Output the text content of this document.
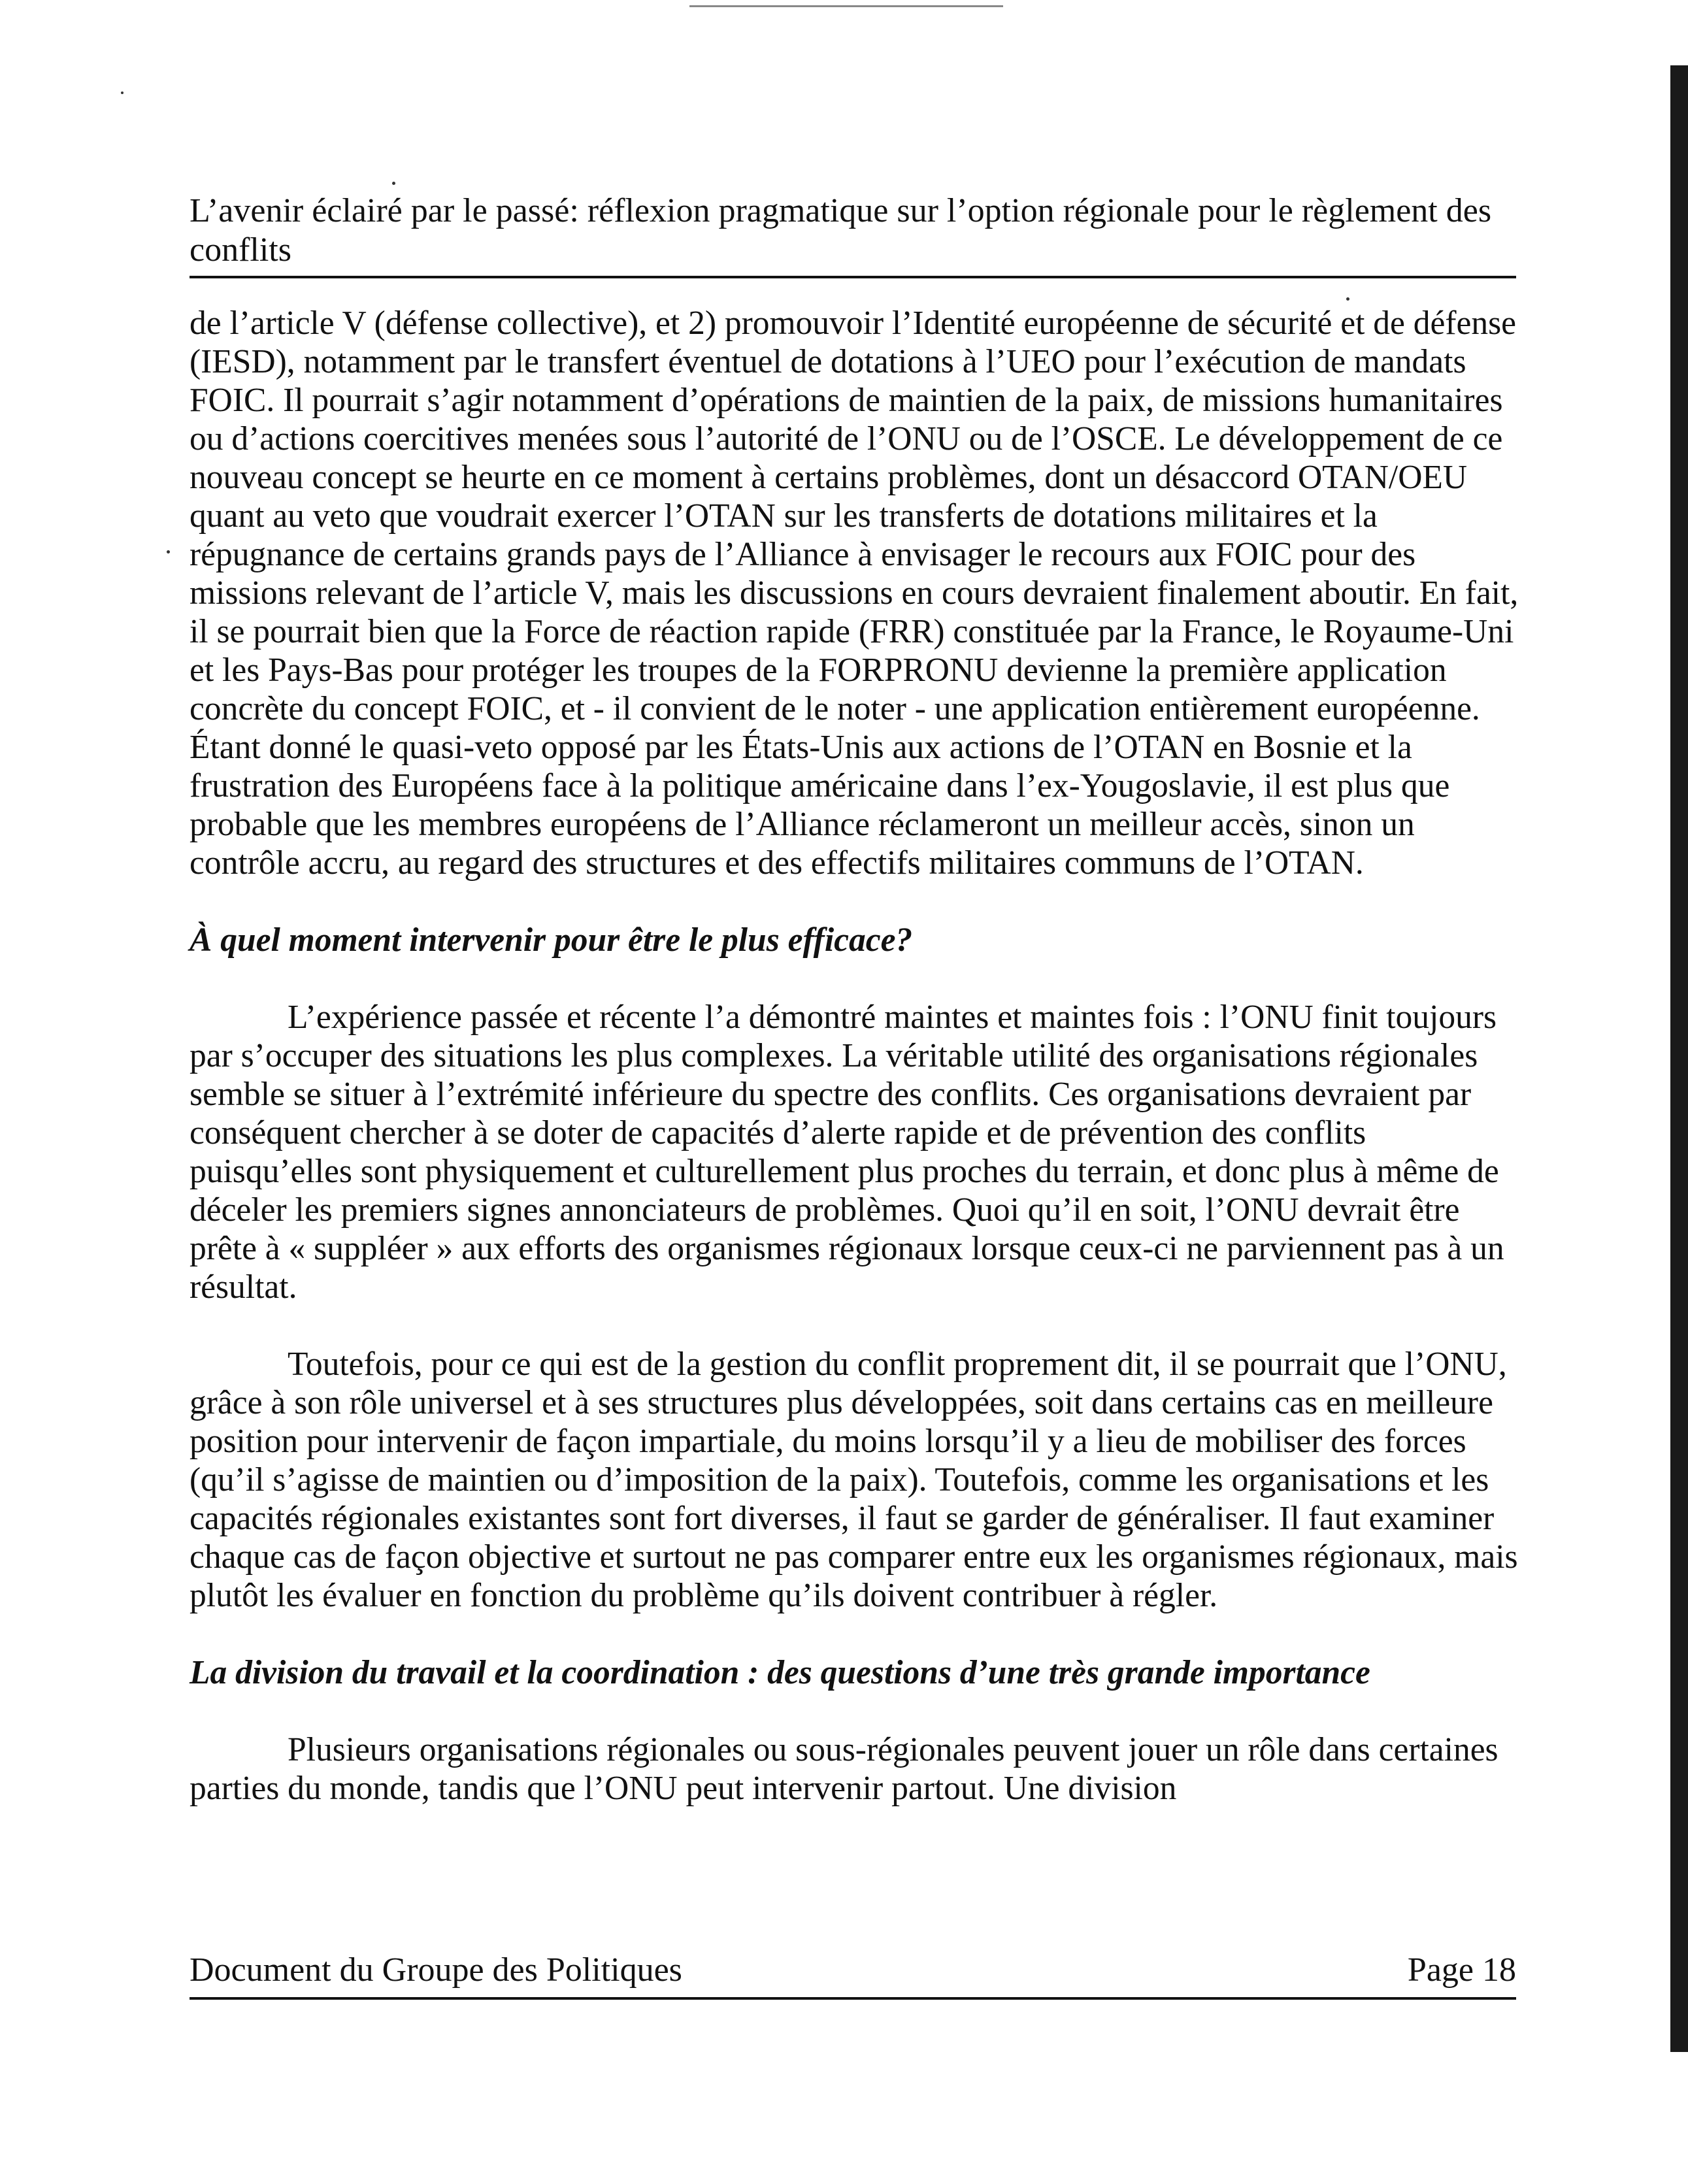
L’avenir éclairé par le passé: réflexion pragmatique sur l’option régionale pour le règlement des conflits

de l’article V (défense collective), et 2) promouvoir l’Identité européenne de sécurité et de défense (IESD), notamment par le transfert éventuel de dotations à l’UEO pour l’exécution de mandats FOIC. Il pourrait s’agir notamment d’opérations de maintien de la paix, de missions humanitaires ou d’actions coercitives menées sous l’autorité de l’ONU ou de l’OSCE. Le développement de ce nouveau concept se heurte en ce moment à certains problèmes, dont un désaccord OTAN/OEU quant au veto que voudrait exercer l’OTAN sur les transferts de dotations militaires et la répugnance de certains grands pays de l’Alliance à envisager le recours aux FOIC pour des missions relevant de l’article V, mais les discussions en cours devraient finalement aboutir. En fait, il se pourrait bien que la Force de réaction rapide (FRR) constituée par la France, le Royaume-Uni et les Pays-Bas pour protéger les troupes de la FORPRONU devienne la première application concrète du concept FOIC, et - il convient de le noter - une application entièrement européenne. Étant donné le quasi-veto opposé par les États-Unis aux actions de l’OTAN en Bosnie et la frustration des Européens face à la politique américaine dans l’ex-Yougoslavie, il est plus que probable que les membres européens de l’Alliance réclameront un meilleur accès, sinon un contrôle accru, au regard des structures et des effectifs militaires communs de l’OTAN.

À quel moment intervenir pour être le plus efficace?

L’expérience passée et récente l’a démontré maintes et maintes fois : l’ONU finit toujours par s’occuper des situations les plus complexes. La véritable utilité des organisations régionales semble se situer à l’extrémité inférieure du spectre des conflits. Ces organisations devraient par conséquent chercher à se doter de capacités d’alerte rapide et de prévention des conflits puisqu’elles sont physiquement et culturellement plus proches du terrain, et donc plus à même de déceler les premiers signes annonciateurs de problèmes. Quoi qu’il en soit, l’ONU devrait être prête à « suppléer » aux efforts des organismes régionaux lorsque ceux-ci ne parviennent pas à un résultat.

Toutefois, pour ce qui est de la gestion du conflit proprement dit, il se pourrait que l’ONU, grâce à son rôle universel et à ses structures plus développées, soit dans certains cas en meilleure position pour intervenir de façon impartiale, du moins lorsqu’il y a lieu de mobiliser des forces (qu’il s’agisse de maintien ou d’imposition de la paix). Toutefois, comme les organisations et les capacités régionales existantes sont fort diverses, il faut se garder de généraliser. Il faut examiner chaque cas de façon objective et surtout ne pas comparer entre eux les organismes régionaux, mais plutôt les évaluer en fonction du problème qu’ils doivent contribuer à régler.

La division du travail et la coordination : des questions d’une très grande importance

Plusieurs organisations régionales ou sous-régionales peuvent jouer un rôle dans certaines parties du monde, tandis que l’ONU peut intervenir partout. Une division

Document du Groupe des Politiques	Page 18
